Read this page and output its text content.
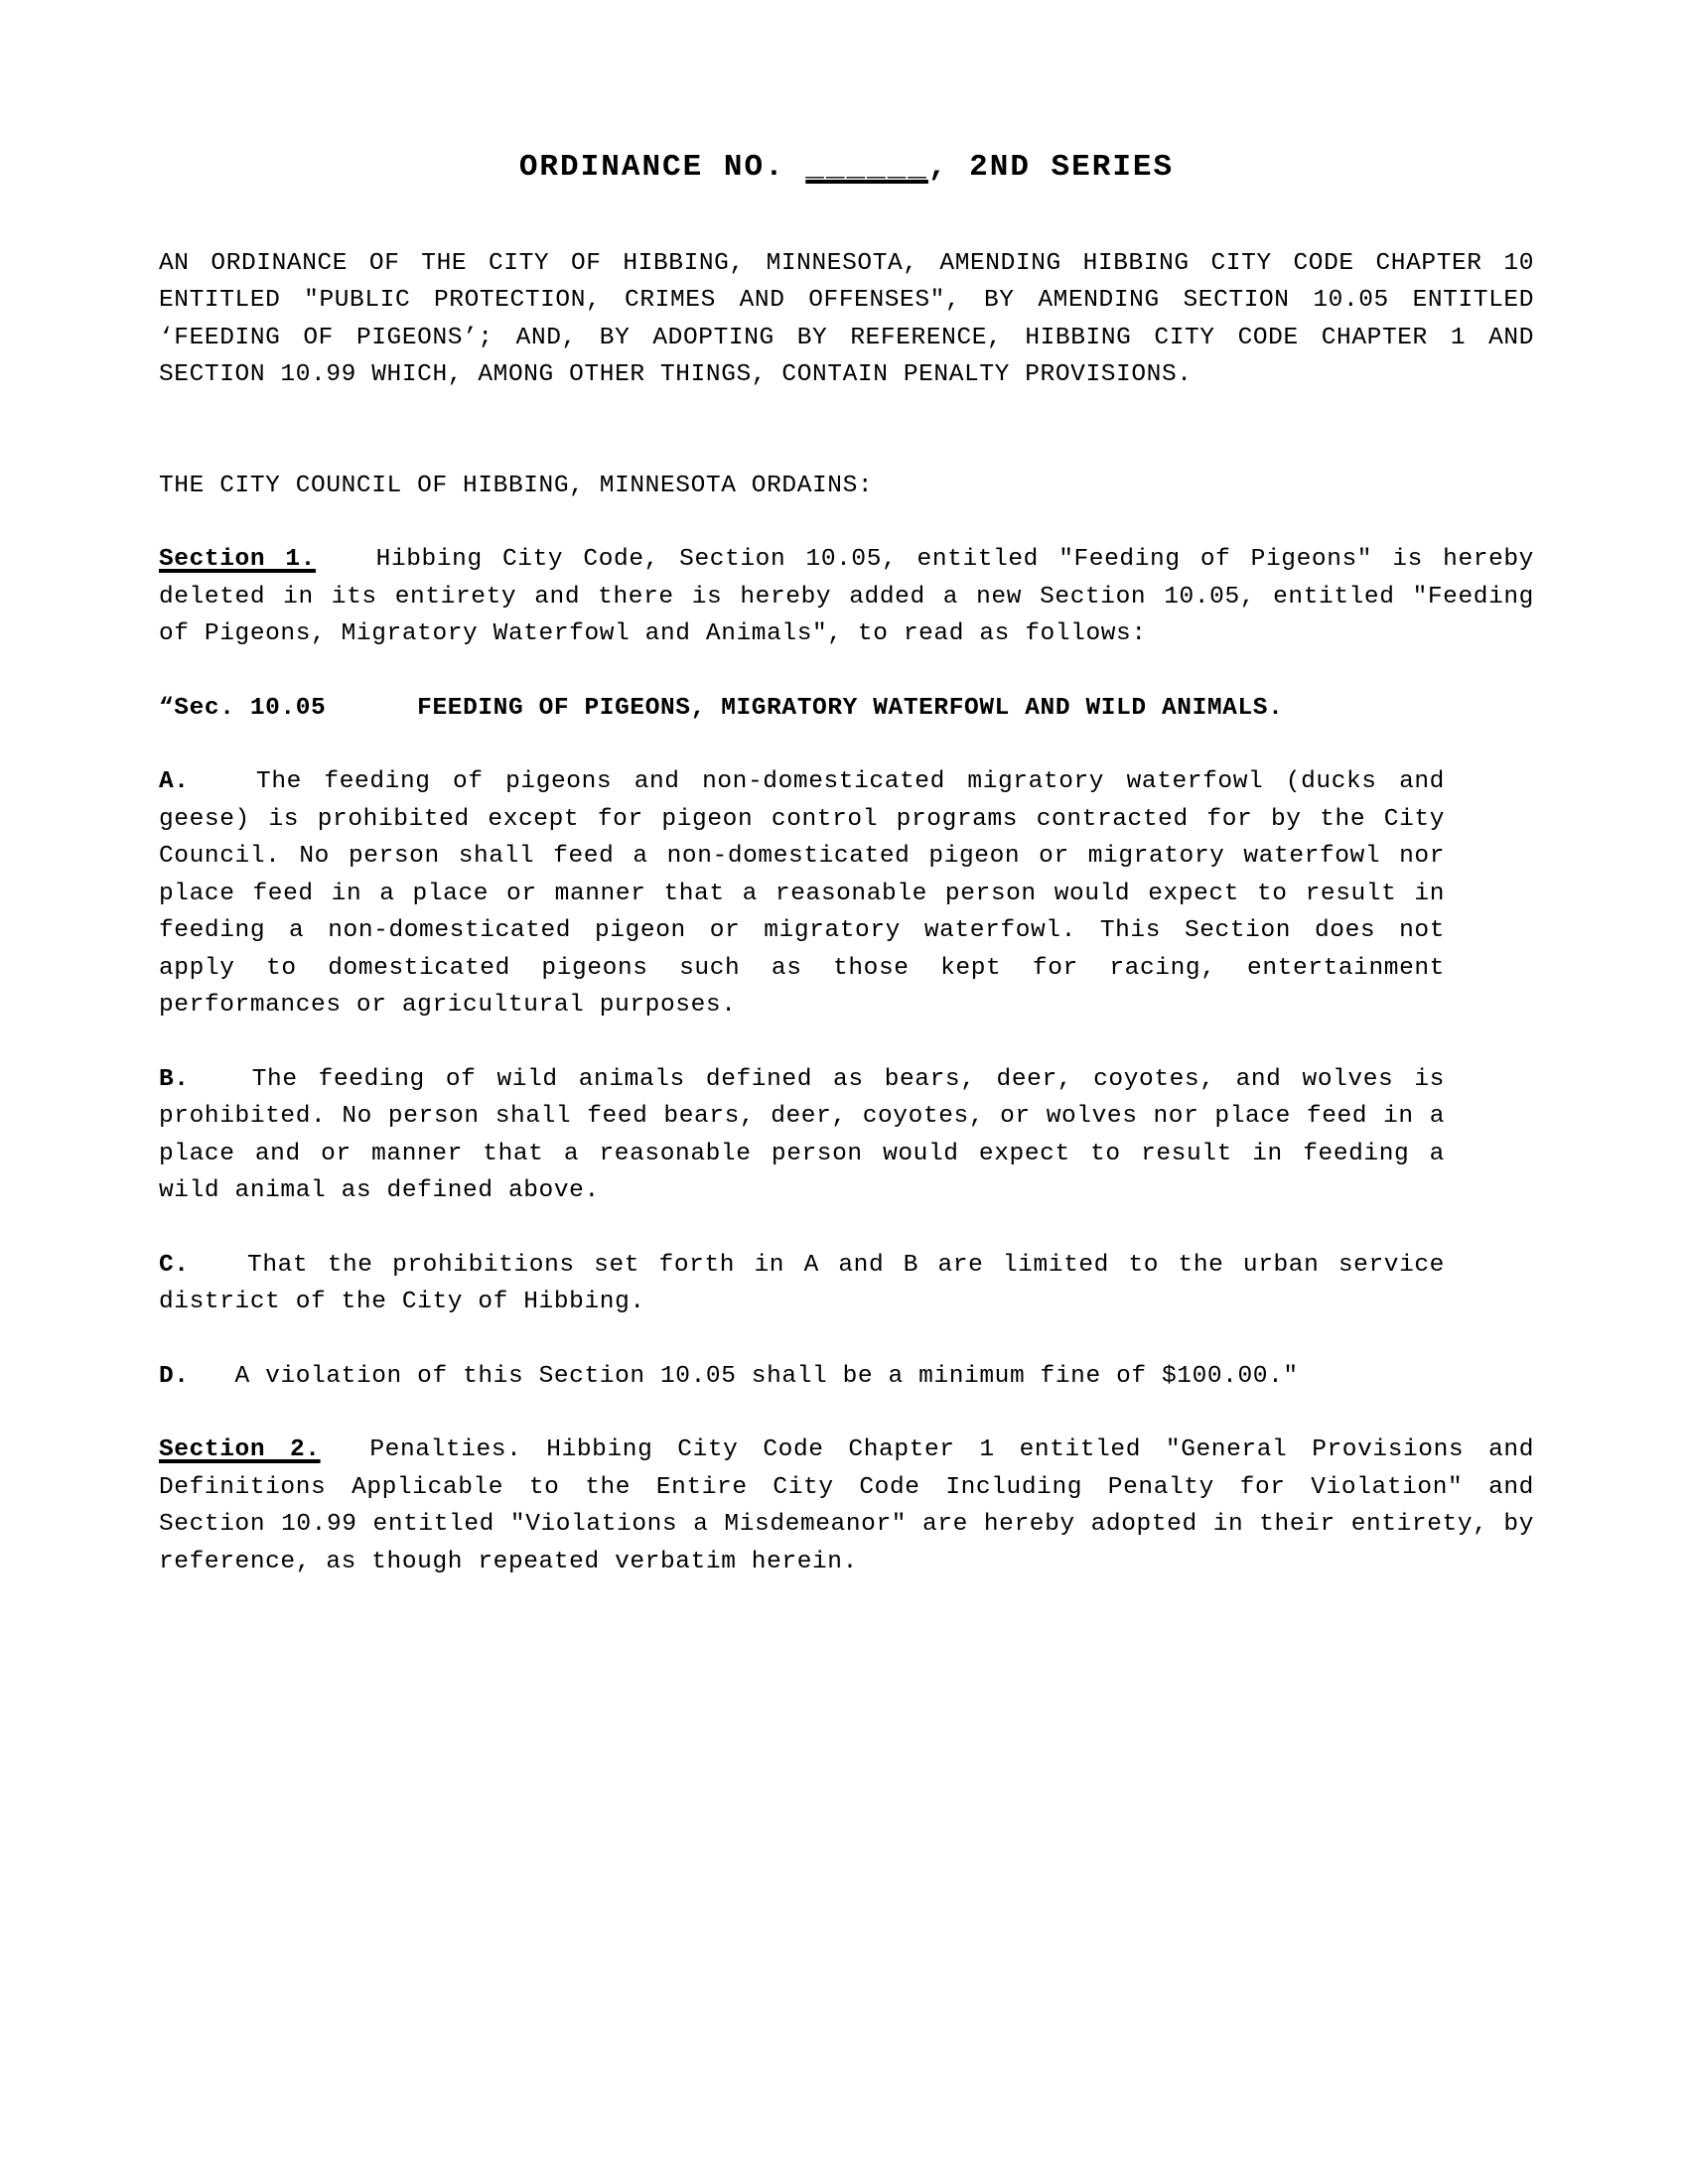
ORDINANCE NO. ______, 2ND SERIES

AN ORDINANCE OF THE CITY OF HIBBING, MINNESOTA, AMENDING HIBBING CITY CODE CHAPTER 10 ENTITLED "PUBLIC PROTECTION, CRIMES AND OFFENSES", BY AMENDING SECTION 10.05 ENTITLED ‘FEEDING OF PIGEONS’; AND, BY ADOPTING BY REFERENCE, HIBBING CITY CODE CHAPTER 1 AND SECTION 10.99 WHICH, AMONG OTHER THINGS, CONTAIN PENALTY PROVISIONS.

THE CITY COUNCIL OF HIBBING, MINNESOTA ORDAINS:

Section 1. Hibbing City Code, Section 10.05, entitled "Feeding of Pigeons" is hereby deleted in its entirety and there is hereby added a new Section 10.05, entitled "Feeding of Pigeons, Migratory Waterfowl and Animals", to read as follows:

“Sec. 10.05	FEEDING OF PIGEONS, MIGRATORY WATERFOWL AND WILD ANIMALS.

A.	The feeding of pigeons and non-domesticated migratory waterfowl (ducks and geese) is prohibited except for pigeon control programs contracted for by the City Council. No person shall feed a non-domesticated pigeon or migratory waterfowl nor place feed in a place or manner that a reasonable person would expect to result in feeding a non-domesticated pigeon or migratory waterfowl. This Section does not apply to domesticated pigeons such as those kept for racing, entertainment performances or agricultural purposes.

B.	The feeding of wild animals defined as bears, deer, coyotes, and wolves is prohibited. No person shall feed bears, deer, coyotes, or wolves nor place feed in a place and or manner that a reasonable person would expect to result in feeding a wild animal as defined above.

C. That the prohibitions set forth in A and B are limited to the urban service district of the City of Hibbing.

D. A violation of this Section 10.05 shall be a minimum fine of $100.00."

Section 2. Penalties. Hibbing City Code Chapter 1 entitled "General Provisions and Definitions Applicable to the Entire City Code Including Penalty for Violation" and Section 10.99 entitled "Violations a Misdemeanor" are hereby adopted in their entirety, by reference, as though repeated verbatim herein.
